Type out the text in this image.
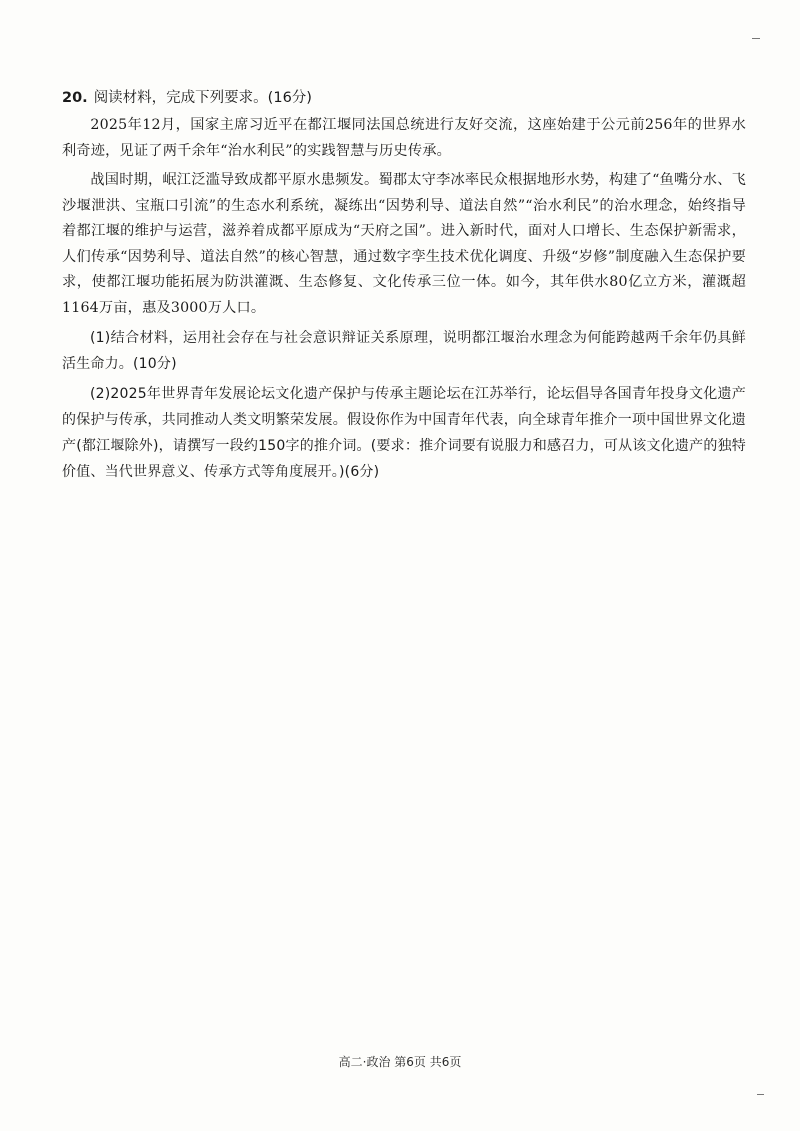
20. 阅读材料，完成下列要求。(16分)

2025年12月，国家主席习近平在都江堰同法国总统进行友好交流，这座始建于公元前256年的世界水利奇迹，见证了两千余年“治水利民”的实践智慧与历史传承。

战国时期，岷江泛滥导致成都平原水患频发。蜀郡太守李冰率民众根据地形水势，构建了“鱼嘴分水、飞沙堰泄洪、宝瓶口引流”的生态水利系统，凝练出“因势利导、道法自然”“治水利民”的治水理念，始终指导着都江堰的维护与运营，滋养着成都平原成为“天府之国”。进入新时代，面对人口增长、生态保护新需求，人们传承“因势利导、道法自然”的核心智慧，通过数字孪生技术优化调度、升级“岁修”制度融入生态保护要求，使都江堰功能拓展为防洪灌溉、生态修复、文化传承三位一体。如今，其年供水80亿立方米，灌溉超1164万亩，惠及3000万人口。

(1)结合材料，运用社会存在与社会意识辩证关系原理，说明都江堰治水理念为何能跨越两千余年仍具鲜活生命力。(10分)

(2)2025年世界青年发展论坛文化遗产保护与传承主题论坛在江苏举行，论坛倡导各国青年投身文化遗产的保护与传承，共同推动人类文明繁荣发展。假设你作为中国青年代表，向全球青年推介一项中国世界文化遗产(都江堰除外)，请撰写一段约150字的推介词。(要求：推介词要有说服力和感召力，可从该文化遗产的独特价值、当代世界意义、传承方式等角度展开。)(6分)

高二·政治 第6页 共6页
